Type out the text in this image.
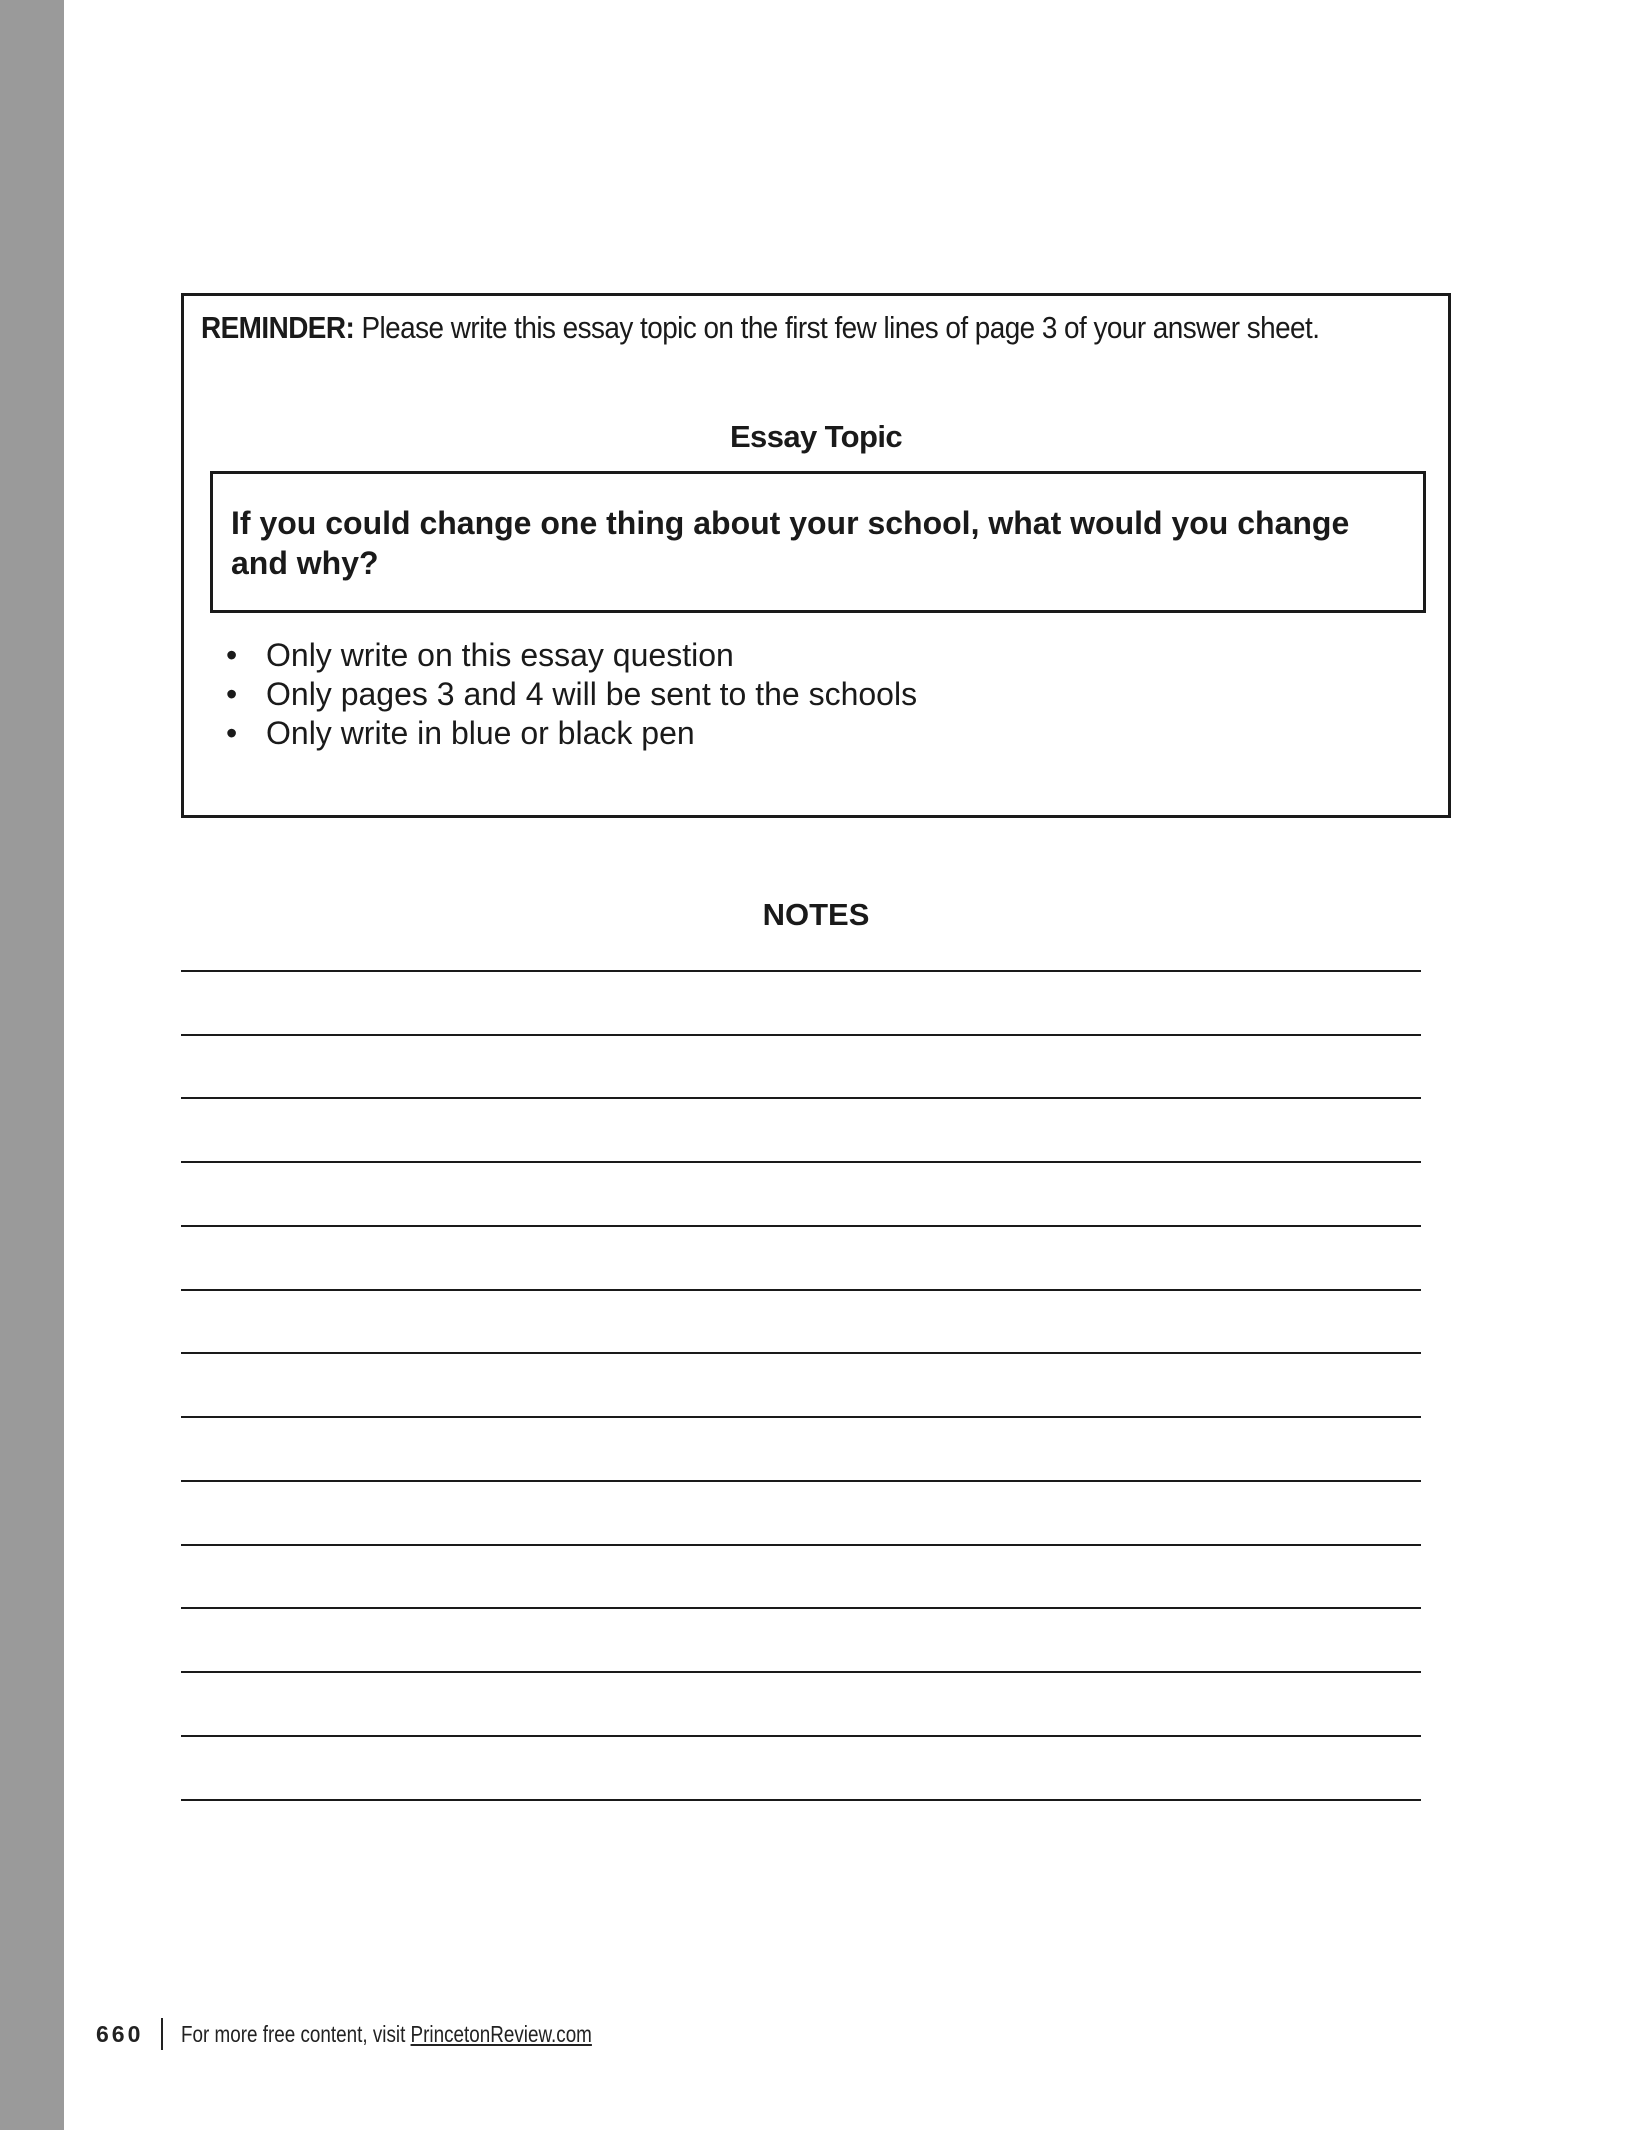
REMINDER: Please write this essay topic on the first few lines of page 3 of your answer sheet.
Essay Topic
If you could change one thing about your school, what would you change and why?
• Only write on this essay question
• Only pages 3 and 4 will be sent to the schools
• Only write in blue or black pen
NOTES
660 For more free content, visit PrincetonReview.com
